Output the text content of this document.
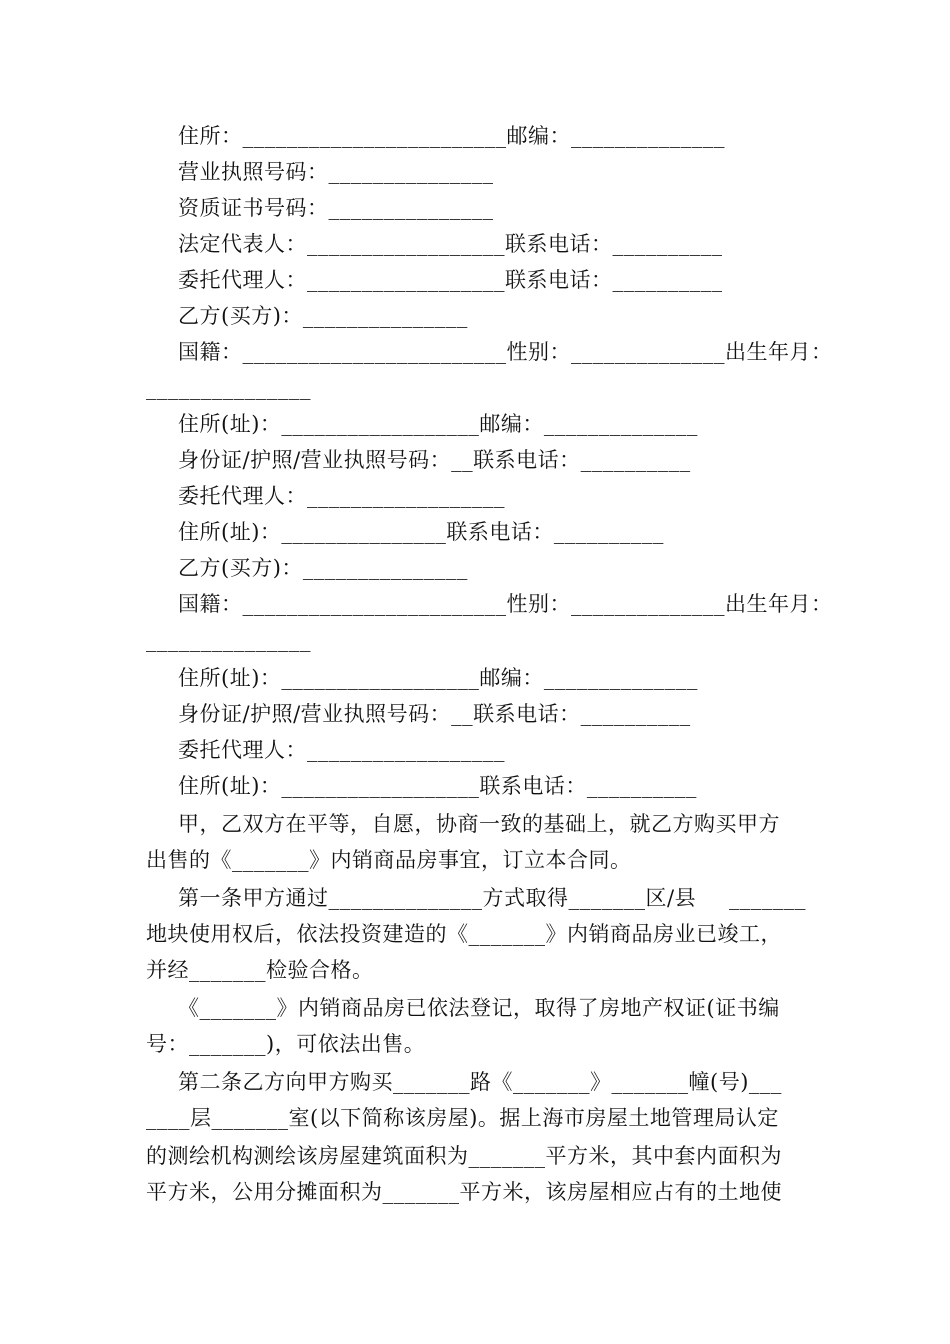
住所：________________________邮编：______________
营业执照号码：_______________
资质证书号码：_______________
法定代表人：__________________联系电话：__________
委托代理人：__________________联系电话：__________
乙方(买方)：_______________
国籍：________________________性别：______________ 出生年月：
_______________
住所(址)：__________________邮编：______________
身份证/护照/营业执照号码：__联系电话：__________
委托代理人：__________________
住所(址)：_______________联系电话：__________
乙方(买方)：_______________
国籍：________________________性别：______________ 出生年月：
_______________
住所(址)：__________________邮编：______________
身份证/护照/营业执照号码：__联系电话：__________
委托代理人：__________________
住所(址)：__________________联系电话：__________
甲，乙双方在平等，自愿，协商一致的基础上，就乙方购买甲方
出售的《_______》内销商品房事宜，订立本合同。
第一条甲方通过______________方式取得_______区/县 _______
地块使用权后，依法投资建造的《_______》内销商品房业已竣工，
并经_______检验合格。
《_______》内销商品房已依法登记，取得了房地产权证(证书编
号：_______)，可依法出售。
第二条乙方向甲方购买_______路《_______》_______幢(号)___
____层_______室(以下简称该房屋)。据上海市房屋土地管理局认定
的测绘机构测绘该房屋建筑面积为_______平方米，其中套内面积为
平方米，公用分摊面积为_______平方米，该房屋相应占有的土地使
